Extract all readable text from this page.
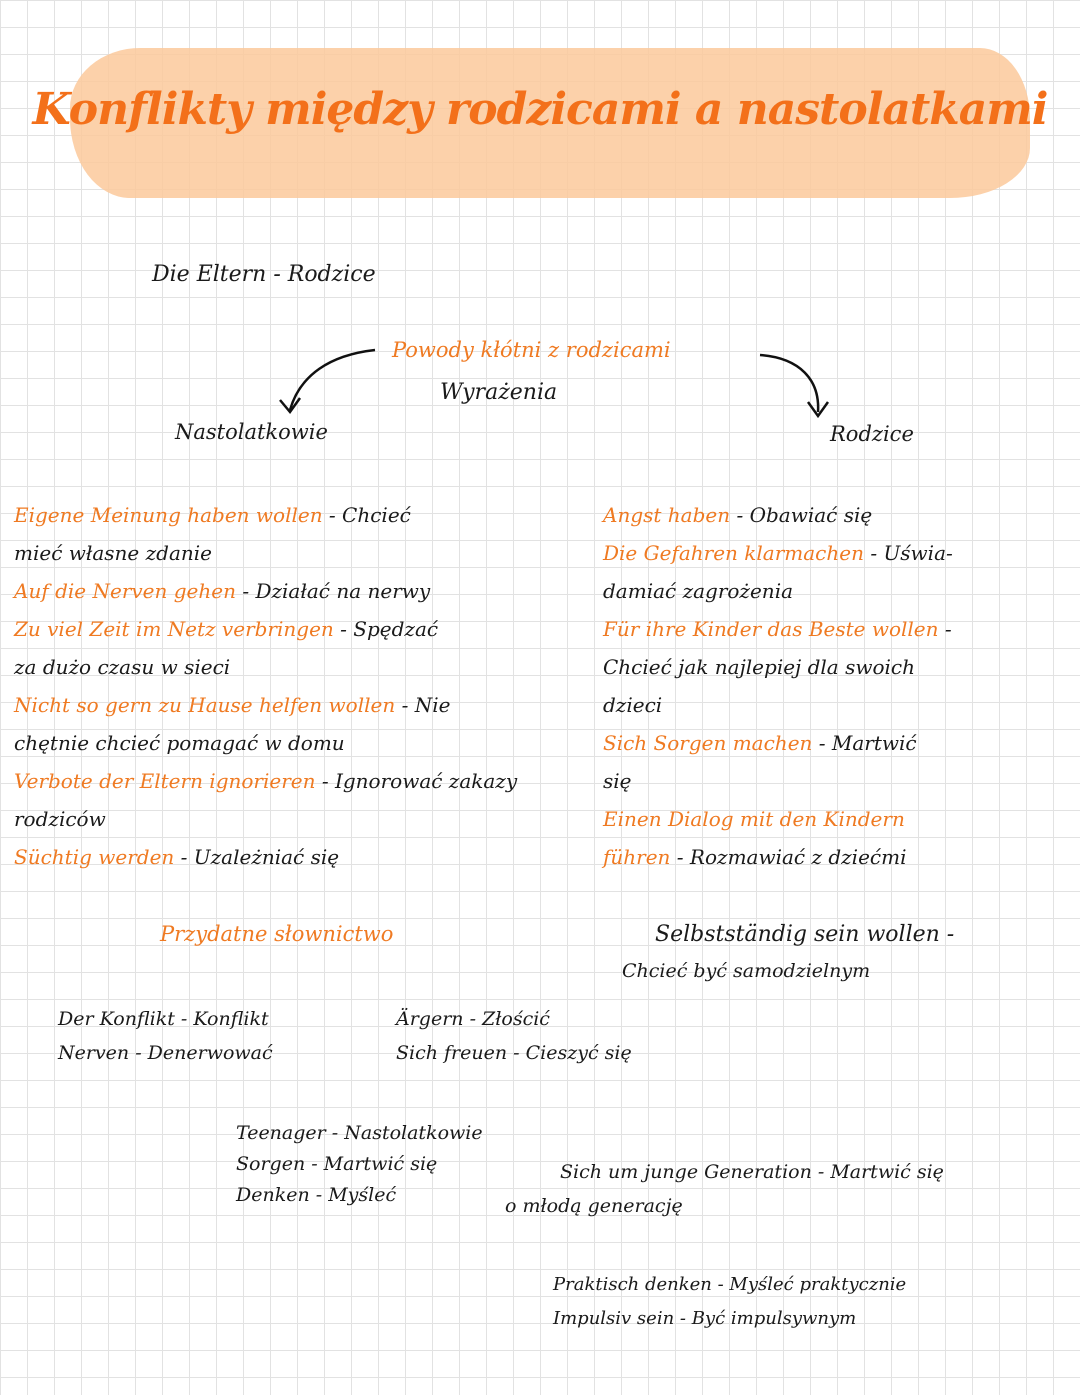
Konflikty między rodzicami a nastolatkami
Die Eltern - Rodzice
Powody kłótni z rodzicami
Wyrażenia
Nastolatkowie	Rodzice
Eigene Meinung haben wollen - Chcieć
mieć własne zdanie
Auf die Nerven gehen - Działać na nerwy
Zu viel Zeit im Netz verbringen - Spędzać
za dużo czasu w sieci
Nicht so gern zu Hause helfen wollen - Nie
chętnie chcieć pomagać w domu
Verbote der Eltern ignorieren - Ignorować zakazy
rodziców
Süchtig werden - Uzależniać się
Angst haben - Obawiać się
Die Gefahren klarmachen - Uświa-
damiać zagrożenia
Für ihre Kinder das Beste wollen -
Chcieć jak najlepiej dla swoich
dzieci
Sich Sorgen machen - Martwić
się
Einen Dialog mit den Kindern
führen - Rozmawiać z dziećmi
Przydatne słownictwo	Selbstständig sein wollen -
Chcieć być samodzielnym
Der Konflikt - Konflikt
Nerven - Denerwować
Ärgern - Złościć
Sich freuen - Cieszyć się
Teenager - Nastolatkowie
Sorgen - Martwić się
Denken - Myśleć
Sich um junge Generation - Martwić się
o młodą generację
Praktisch denken - Myśleć praktycznie
Impulsiv sein - Być impulsywnym
